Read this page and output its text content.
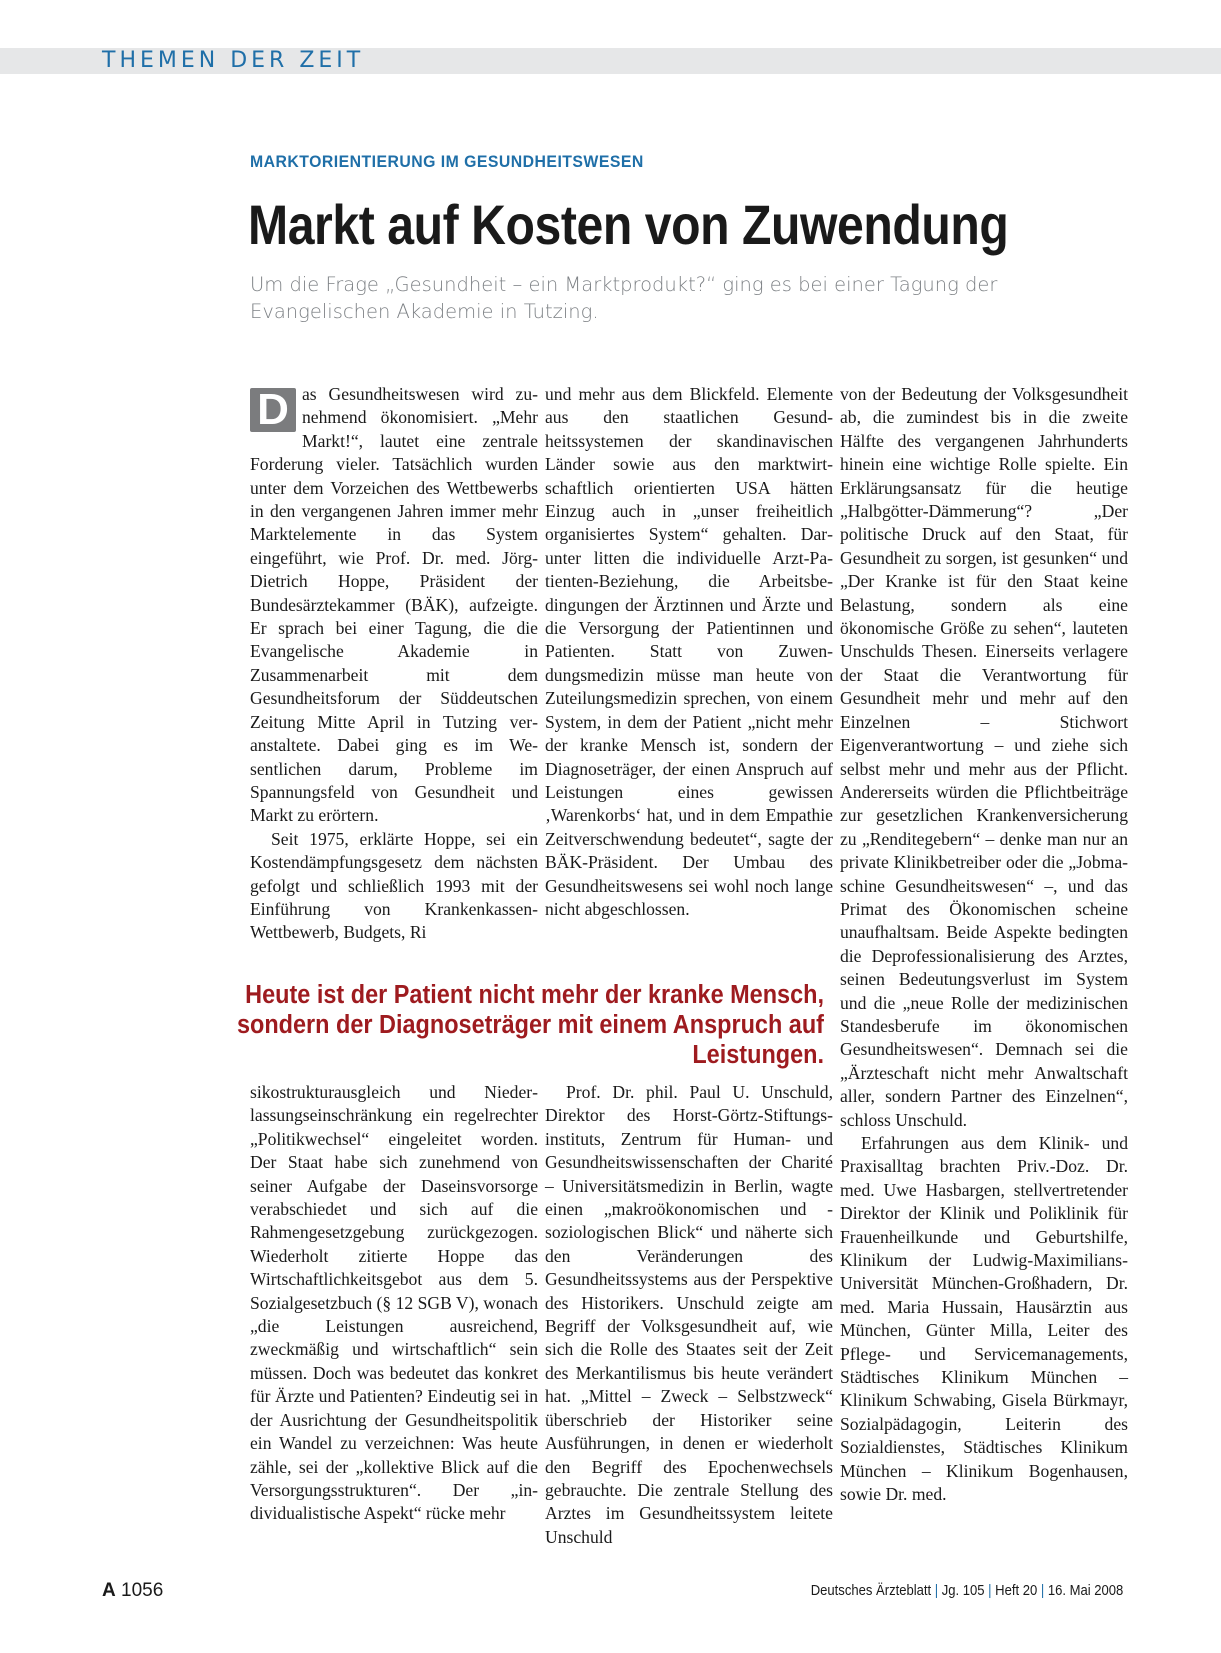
THEMEN DER ZEIT
MARKTORIENTIERUNG IM GESUNDHEITSWESEN
Markt auf Kosten von Zuwendung
Um die Frage „Gesundheit – ein Marktprodukt?“ ging es bei einer Tagung der Evangelischen Akademie in Tutzing.

D as Gesundheitswesen wird zunehmend ökonomisiert. „Mehr Markt!“, lautet eine zentrale Forderung vieler. Tatsächlich wurden unter dem Vorzeichen des Wettbewerbs in den vergangenen Jahren immer mehr Marktelemente in das System eingeführt, wie Prof. Dr. med. Jörg-Dietrich Hoppe, Präsident der Bundesärztekammer (BÄK), aufzeigte. Er sprach bei einer Tagung, die die Evangelische Akademie in Zusammenarbeit mit dem Gesundheitsforum der Süddeutschen Zeitung Mitte April in Tutzing veranstaltete. Dabei ging es im Wesentlichen darum, Probleme im Spannungsfeld von Gesundheit und Markt zu erörtern.

Seit 1975, erklärte Hoppe, sei ein Kostendämpfungsgesetz dem nächsten gefolgt und schließlich 1993 mit der Einführung von Krankenkassen-Wettbewerb, Budgets, Ri

und mehr aus dem Blickfeld. Elemente aus den staatlichen Gesundheitssystemen der skandinavischen Länder sowie aus den marktwirtschaftlich orientierten USA hätten Einzug auch in „unser freiheitlich organisiertes System“ gehalten. Darunter litten die individuelle Arzt-Patienten-Beziehung, die Arbeitsbedingungen der Ärztinnen und Ärzte und die Versorgung der Patientinnen und Patienten. Statt von Zuwendungsmedizin müsse man heute von Zuteilungsmedizin sprechen, von einem System, in dem der Patient „nicht mehr der kranke Mensch ist, sondern der Diagnoseträger, der einen Anspruch auf Leistungen eines gewissen ‚Warenkorbs‘ hat, und in dem Empathie Zeitverschwendung bedeutet“, sagte der BÄK-Präsident. Der Umbau des Gesundheitswesens sei wohl noch lange nicht abgeschlossen.

von der Bedeutung der Volksgesundheit ab, die zumindest bis in die zweite Hälfte des vergangenen Jahrhunderts hinein eine wichtige Rolle spielte. Ein Erklärungsansatz für die heutige „Halbgötter-Dämmerung“? „Der politische Druck auf den Staat, für Gesundheit zu sorgen, ist gesunken“ und „Der Kranke ist für den Staat keine Belastung, sondern als eine ökonomische Größe zu sehen“, lauteten Unschulds Thesen. Einerseits verlagere der Staat die Verantwortung für Gesundheit mehr und mehr auf den Einzelnen – Stichwort Eigenverantwortung – und ziehe sich selbst mehr und mehr aus der Pflicht. Andererseits würden die Pflichtbeiträge zur gesetzlichen Krankenversicherung zu „Renditegebern“ – denke man nur an private Klinikbetreiber oder die „Jobmaschine Gesundheitswesen“ –, und das Primat des Ökonomischen scheine unaufhaltsam. Beide Aspekte bedingten die Deprofessionalisierung des Arztes, seinen Bedeutungsverlust im System und die „neue Rolle der medizinischen Standesberufe im ökonomischen Gesundheitswesen“. Demnach sei die „Ärzteschaft nicht mehr Anwaltschaft aller, sondern Partner des Einzelnen“, schloss Unschuld.

Erfahrungen aus dem Klinik- und Praxisalltag brachten Priv.-Doz. Dr. med. Uwe Hasbargen, stellvertretender Direktor der Klinik und Poliklinik für Frauenheilkunde und Geburtshilfe, Klinikum der Ludwig-Maximilians-Universität München-Großhadern, Dr. med. Maria Hussain, Hausärztin aus München, Günter Milla, Leiter des Pflege- und Servicemanagements, Städtisches Klinikum München – Klinikum Schwabing, Gisela Bürkmayr, Sozialpädagogin, Leiterin des Sozialdienstes, Städtisches Klinikum München – Klinikum Bogenhausen, sowie Dr. med.

Heute ist der Patient nicht mehr der kranke Mensch, sondern der Diagnoseträger mit einem Anspruch auf Leistungen.

sikostrukturausgleich und Niederlassungseinschränkung ein regelrechter „Politikwechsel“ eingeleitet worden. Der Staat habe sich zunehmend von seiner Aufgabe der Daseinsvorsorge verabschiedet und sich auf die Rahmengesetzgebung zurückgezogen. Wiederholt zitierte Hoppe das Wirtschaftlichkeitsgebot aus dem 5. Sozialgesetzbuch (§ 12 SGB V), wonach „die Leistungen ausreichend, zweckmäßig und wirtschaftlich“ sein müssen. Doch was bedeutet das konkret für Ärzte und Patienten? Eindeutig sei in der Ausrichtung der Gesundheitspolitik ein Wandel zu verzeichnen: Was heute zähle, sei der „kollektive Blick auf die Versorgungsstrukturen“. Der „individualistische Aspekt“ rücke mehr

Prof. Dr. phil. Paul U. Unschuld, Direktor des Horst-Görtz-Stiftungsinstituts, Zentrum für Human- und Gesundheitswissenschaften der Charité – Universitätsmedizin in Berlin, wagte einen „makroökonomischen und -soziologischen Blick“ und näherte sich den Veränderungen des Gesundheitssystems aus der Perspektive des Historikers. Unschuld zeigte am Begriff der Volksgesundheit auf, wie sich die Rolle des Staates seit der Zeit des Merkantilismus bis heute verändert hat. „Mittel – Zweck – Selbstzweck“ überschrieb der Historiker seine Ausführungen, in denen er wiederholt den Begriff des Epochenwechsels gebrauchte. Die zentrale Stellung des Arztes im Gesundheitssystem leitete Unschuld

A 1056	Deutsches Ärzteblatt | Jg. 105 | Heft 20 | 16. Mai 2008
